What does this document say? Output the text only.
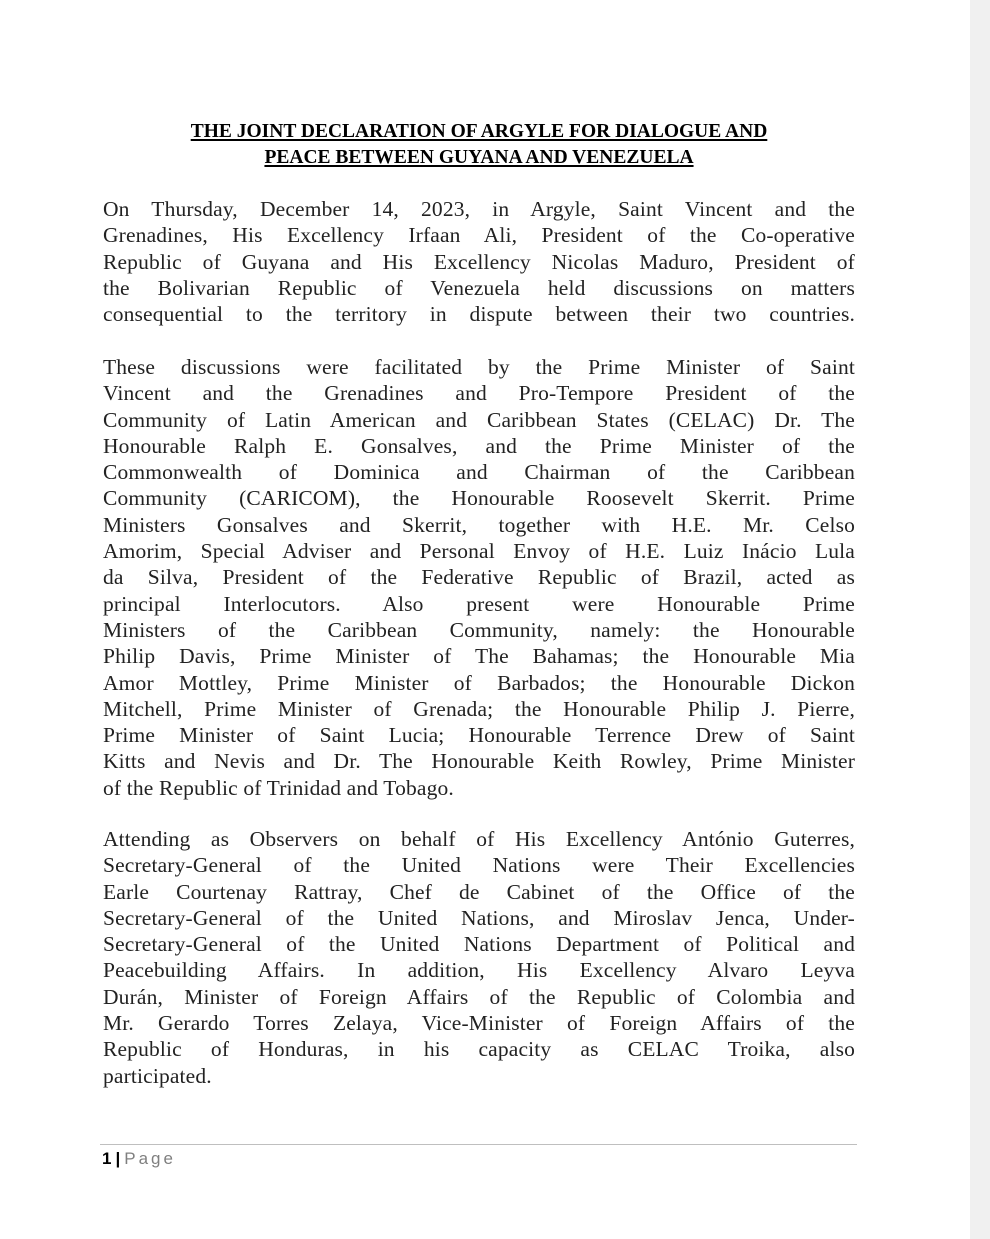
THE JOINT DECLARATION OF ARGYLE FOR DIALOGUE AND
PEACE BETWEEN GUYANA AND VENEZUELA
On Thursday, December 14, 2023, in Argyle, Saint Vincent and the
Grenadines, His Excellency Irfaan Ali, President of the Co-operative
Republic of Guyana and His Excellency Nicolas Maduro, President of
the Bolivarian Republic of Venezuela held discussions on matters
consequential to the territory in dispute between their two countries.
These discussions were facilitated by the Prime Minister of Saint
Vincent and the Grenadines and Pro-Tempore President of the
Community of Latin American and Caribbean States (CELAC) Dr. The
Honourable Ralph E. Gonsalves, and the Prime Minister of the
Commonwealth of Dominica and Chairman of the Caribbean
Community (CARICOM), the Honourable Roosevelt Skerrit. Prime
Ministers Gonsalves and Skerrit, together with H.E. Mr. Celso
Amorim, Special Adviser and Personal Envoy of H.E. Luiz Inácio Lula
da Silva, President of the Federative Republic of Brazil, acted as
principal Interlocutors. Also present were Honourable Prime
Ministers of the Caribbean Community, namely: the Honourable
Philip Davis, Prime Minister of The Bahamas; the Honourable Mia
Amor Mottley, Prime Minister of Barbados; the Honourable Dickon
Mitchell, Prime Minister of Grenada; the Honourable Philip J. Pierre,
Prime Minister of Saint Lucia; Honourable Terrence Drew of Saint
Kitts and Nevis and Dr. The Honourable Keith Rowley, Prime Minister
of the Republic of Trinidad and Tobago.
Attending as Observers on behalf of His Excellency António Guterres,
Secretary-General of the United Nations were Their Excellencies
Earle Courtenay Rattray, Chef de Cabinet of the Office of the
Secretary-General of the United Nations, and Miroslav Jenca, Under-
Secretary-General of the United Nations Department of Political and
Peacebuilding Affairs. In addition, His Excellency Alvaro Leyva
Durán, Minister of Foreign Affairs of the Republic of Colombia and
Mr. Gerardo Torres Zelaya, Vice-Minister of Foreign Affairs of the
Republic of Honduras, in his capacity as CELAC Troika, also
participated.
1 | Page
